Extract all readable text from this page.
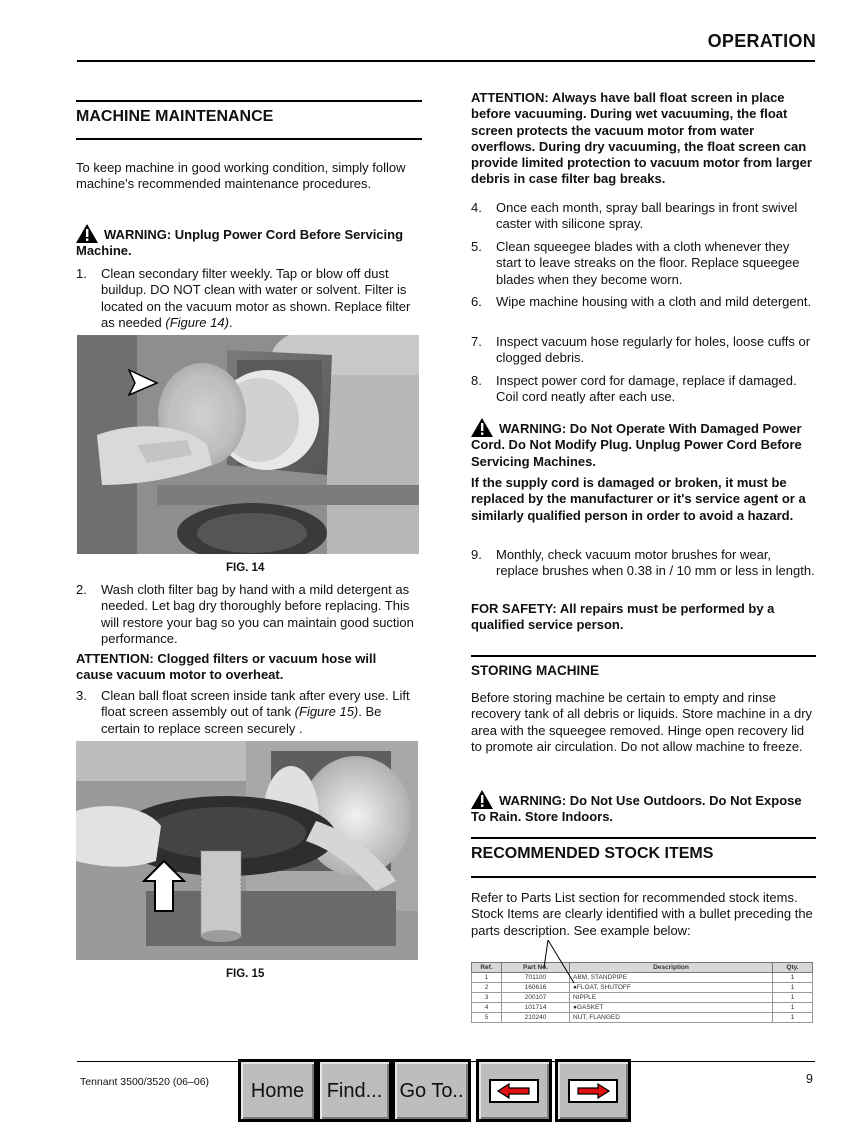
OPERATION
MACHINE MAINTENANCE
To keep machine in good working condition, simply follow machine's recommended maintenance procedures.
WARNING: Unplug Power Cord Before Servicing Machine.
1.	Clean secondary filter weekly. Tap or blow off dust buildup. DO NOT clean with water or solvent. Filter is located on the vacuum motor as shown. Replace filter as needed (Figure 14).
FIG. 14
2.	Wash cloth filter bag by hand with a mild detergent as needed. Let bag dry thoroughly before replacing. This will restore your bag so you can maintain good suction performance.
ATTENTION: Clogged filters or vacuum hose will cause vacuum motor to overheat.
3.	Clean ball float screen inside tank after every use. Lift float screen assembly out of tank (Figure 15). Be certain to replace screen securely .
FIG. 15
ATTENTION: Always have ball float screen in place before vacuuming. During wet vacuuming, the float screen protects the vacuum motor from water overflows. During dry vacuuming, the float screen can provide limited protection to vacuum motor from larger debris in case filter bag breaks.
4.	Once each month, spray ball bearings in front swivel caster with silicone spray.
5.	Clean squeegee blades with a cloth whenever they start to leave streaks on the floor. Replace squeegee blades when they become worn.
6.	Wipe machine housing with a cloth and mild detergent.
7.	Inspect vacuum hose regularly for holes, loose cuffs or clogged debris.
8.	Inspect power cord for damage, replace if damaged. Coil cord neatly after each use.
WARNING: Do Not Operate With Damaged Power Cord. Do Not Modify Plug. Unplug Power Cord Before Servicing Machines.
If the supply cord is damaged or broken, it must be replaced by the manufacturer or it's service agent or a similarly qualified person in order to avoid a hazard.
9.	Monthly, check vacuum motor brushes for wear, replace brushes when 0.38 in / 10 mm or less in length.
FOR SAFETY: All repairs must be performed by a qualified service person.
STORING MACHINE
Before storing machine be certain to empty and rinse recovery tank of all debris or liquids. Store machine in a dry area with the squeegee removed. Hinge open recovery lid to promote air circulation. Do not allow machine to freeze.
WARNING: Do Not Use Outdoors. Do Not Expose To Rain. Store Indoors.
RECOMMENDED STOCK ITEMS
Refer to Parts List section for recommended stock items. Stock Items are clearly identified with a bullet preceding the parts description. See example below:
Ref.	Part No.	Description	Qty.
1	701100	ABM, STANDPIPE	1
2	160616	●FLOAT, SHUTOFF	1
3	200107	NIPPLE	1
4	101714	●GASKET	1
5	210240	NUT, FLANGED	1
Tennant 3500/3520 (06–06)	9
Home	Find... Go To..
